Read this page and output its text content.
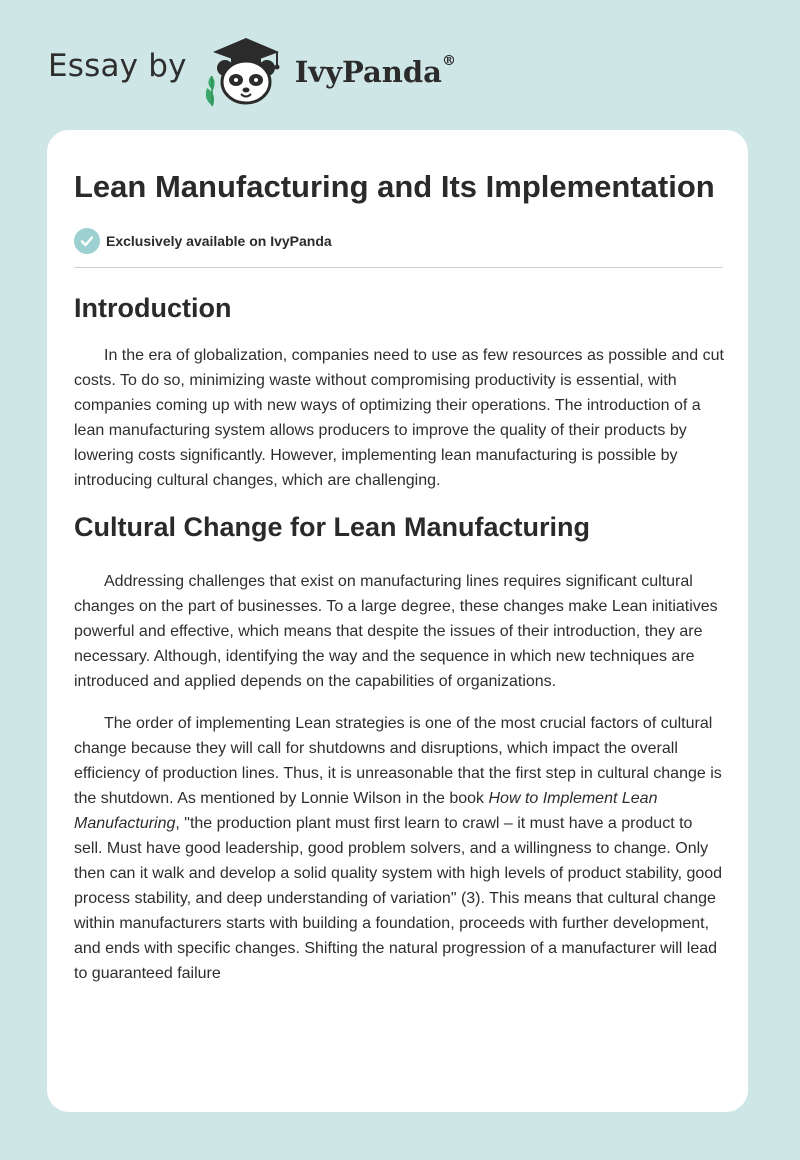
Essay by	IvyPanda®
Lean Manufacturing and Its Implementation
Exclusively available on IvyPanda
Introduction

In the era of globalization, companies need to use as few resources as possible and cut costs. To do so, minimizing waste without compromising productivity is essential, with companies coming up with new ways of optimizing their operations. The introduction of a lean manufacturing system allows producers to improve the quality of their products by lowering costs significantly. However, implementing lean manufacturing is possible by introducing cultural changes, which are challenging.

Cultural Change for Lean Manufacturing

Addressing challenges that exist on manufacturing lines requires significant cultural changes on the part of businesses. To a large degree, these changes make Lean initiatives powerful and effective, which means that despite the issues of their introduction, they are necessary. Although, identifying the way and the sequence in which new techniques are introduced and applied depends on the capabilities of organizations.

The order of implementing Lean strategies is one of the most crucial factors of cultural change because they will call for shutdowns and disruptions, which impact the overall efficiency of production lines. Thus, it is unreasonable that the first step in cultural change is the shutdown. As mentioned by Lonnie Wilson in the book How to Implement Lean Manufacturing, "the production plant must first learn to crawl – it must have a product to sell. Must have good leadership, good problem solvers, and a willingness to change. Only then can it walk and develop a solid quality system with high levels of product stability, good process stability, and deep understanding of variation" (3). This means that cultural change within manufacturers starts with building a foundation, proceeds with further development, and ends with specific changes. Shifting the natural progression of a manufacturer will lead to guaranteed failure
